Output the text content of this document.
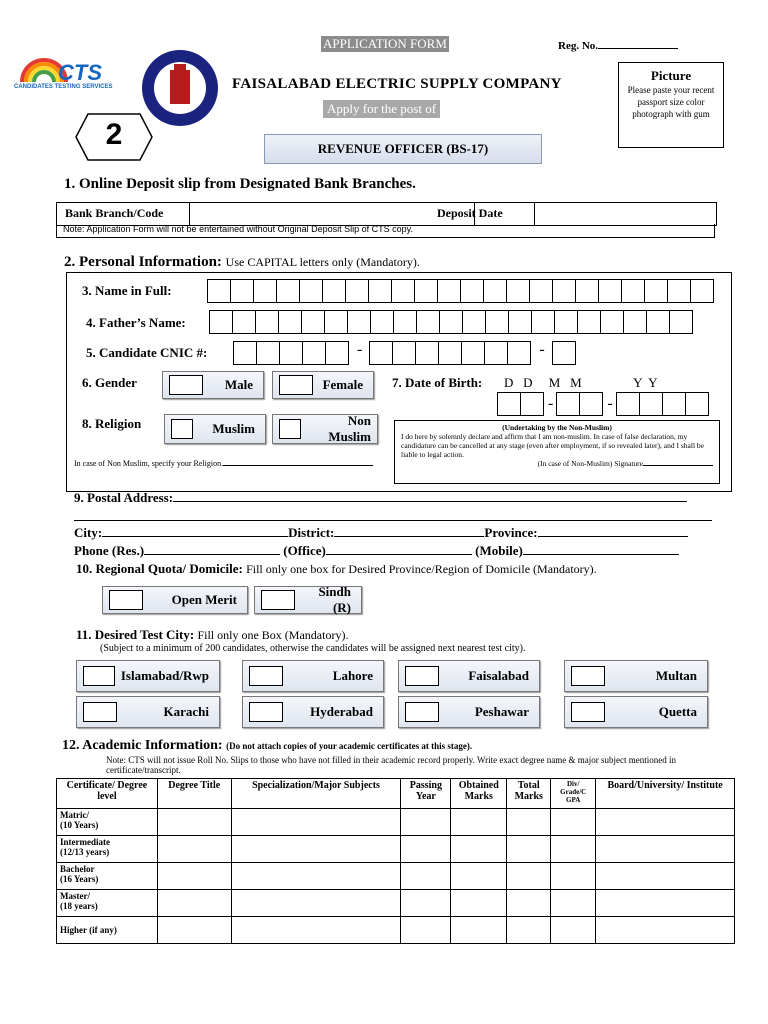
CTS
CANDIDATES TESTING SERVICES
APPLICATION FORM	Reg. No.
FAISALABAD ELECTRIC SUPPLY COMPANY
Apply for the post of
2	REVENUE OFFICER (BS-17)
Picture
Please paste your recent passport size color photograph with gum
1. Online Deposit slip from Designated Bank Branches.
Bank Branch/Code	Deposit Date
Note: Application Form will not be entertained without Original Deposit Slip of CTS copy.
2. Personal Information: Use CAPITAL letters only (Mandatory).
3. Name in Full:
4. Father’s Name:
5. Candidate CNIC #:	-	-
6. Gender	Male	Female	7. Date of Birth: D   D     M   M                Y  Y
-	-
8. Religion	Muslim
Non Muslim
(Undertaking by the Non-Muslim)
I do here by solemnly declare and affirm that I am non-muslim. In case of false declaration, my candidature can be cancelled at any stage (even after employment, if so revealed later), and I shall be liable to legal action.
(In case of Non-Muslim) Signature
In case of Non Muslim, specify your Religion.
9. Postal Address:
City:	District:	Province:
Phone (Res.)	(Office)	(Mobile)
10. Regional Quota/ Domicile: Fill only one box for Desired Province/Region of Domicile (Mandatory).
Open Merit
Sindh (R)
11. Desired Test City: Fill only one Box (Mandatory).
(Subject to a minimum of 200 candidates, otherwise the candidates will be assigned next nearest test city).
Islamabad/Rwp	Lahore	Faisalabad	Multan
Karachi	Hyderabad	Peshawar	Quetta
12. Academic Information: (Do not attach copies of your academic certificates at this stage).
Note: CTS will not issue Roll No. Slips to those who have not filled in their academic record properly. Write exact degree name & major subject mentioned in certificate/transcript.
Certificate/ Degree level	Degree Title	Specialization/Major Subjects	Passing Year	Obtained Marks	Total Marks	Div/ Grade/C GPA	Board/University/ Institute
Matric/
(10 Years)							
Intermediate
(12/13 years)							
Bachelor
(16 Years)							
Master/
(18 years)							
Higher (if any)							
